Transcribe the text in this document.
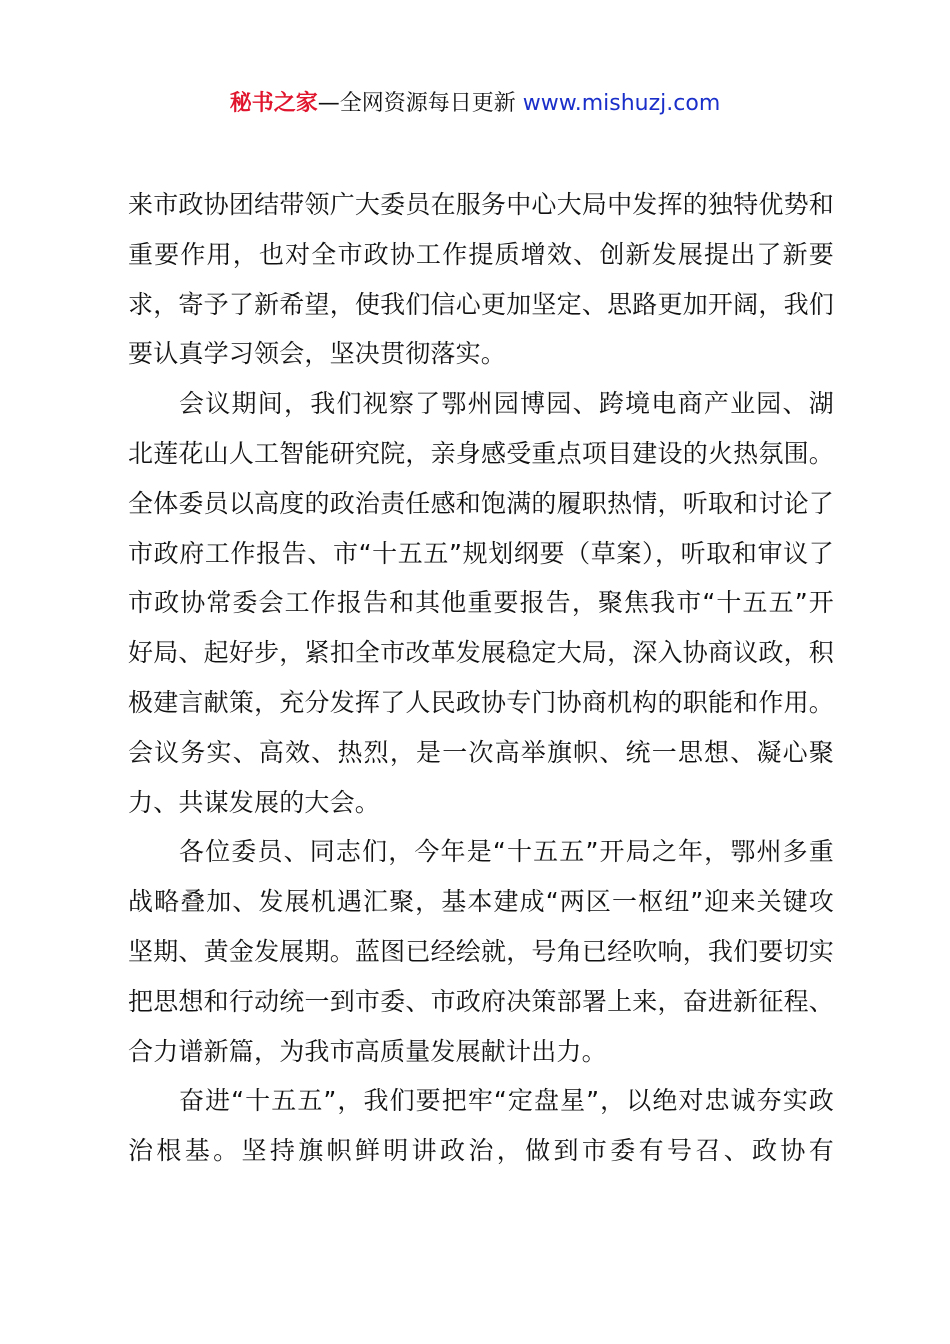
秘书之家—全网资源每日更新 www.mishuzj.com

来市政协团结带领广大委员在服务中心大局中发挥的独特优势和重要作用，也对全市政协工作提质增效、创新发展提出了新要求，寄予了新希望，使我们信心更加坚定、思路更加开阔，我们要认真学习领会，坚决贯彻落实。

会议期间，我们视察了鄂州园博园、跨境电商产业园、湖北莲花山人工智能研究院，亲身感受重点项目建设的火热氛围。全体委员以高度的政治责任感和饱满的履职热情，听取和讨论了市政府工作报告、市“十五五”规划纲要（草案），听取和审议了市政协常委会工作报告和其他重要报告，聚焦我市“十五五”开好局、起好步，紧扣全市改革发展稳定大局，深入协商议政，积极建言献策，充分发挥了人民政协专门协商机构的职能和作用。会议务实、高效、热烈，是一次高举旗帜、统一思想、凝心聚力、共谋发展的大会。

各位委员、同志们，今年是“十五五”开局之年，鄂州多重战略叠加、发展机遇汇聚，基本建成“两区一枢纽”迎来关键攻坚期、黄金发展期。蓝图已经绘就，号角已经吹响，我们要切实把思想和行动统一到市委、市政府决策部署上来，奋进新征程、合力谱新篇，为我市高质量发展献计出力。

奋进“十五五”，我们要把牢“定盘星”，以绝对忠诚夯实政治根基。坚持旗帜鲜明讲政治，做到市委有号召、政协有
